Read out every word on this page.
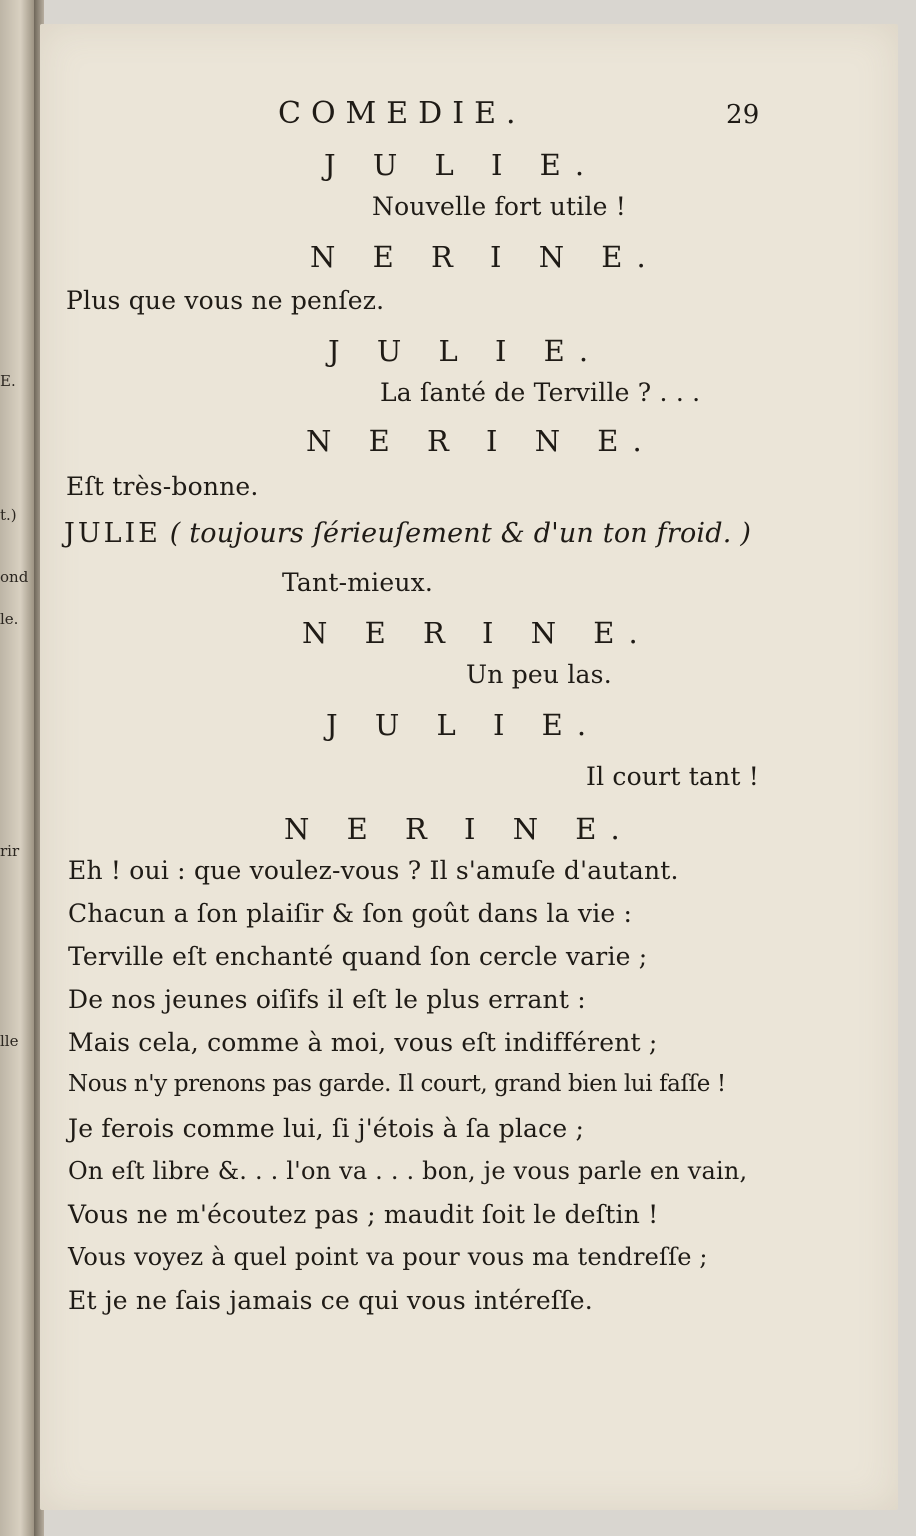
E.
t.)
ond
le.
rir
lle
COMEDIE.	29
J U L I E.
Nouvelle fort utile !
N E R I N E.
Plus que vous ne penſez.
J U L I E.
La ſanté de Terville ? . . .
N E R I N E.
Eſt très-bonne.
JULIE ( toujours ſérieuſement & d'un ton froid. )
Tant-mieux.
N E R I N E.
Un peu las.
J U L I E.
Il court tant !
N E R I N E.
Eh ! oui : que voulez-vous ? Il s'amuſe d'autant.
Chacun a ſon plaiſir & ſon goût dans la vie :
Terville eſt enchanté quand ſon cercle varie ;
De nos jeunes oiſifs il eſt le plus errant :
Mais cela, comme à moi, vous eſt indifférent ;
Nous n'y prenons pas garde. Il court, grand bien lui faſſe !
Je ferois comme lui, ſi j'étois à ſa place ;
On eſt libre &. . . l'on va . . . bon, je vous parle en vain,
Vous ne m'écoutez pas ; maudit ſoit le deſtin !
Vous voyez à quel point va pour vous ma tendreſſe ;
Et je ne ſais jamais ce qui vous intéreſſe.
